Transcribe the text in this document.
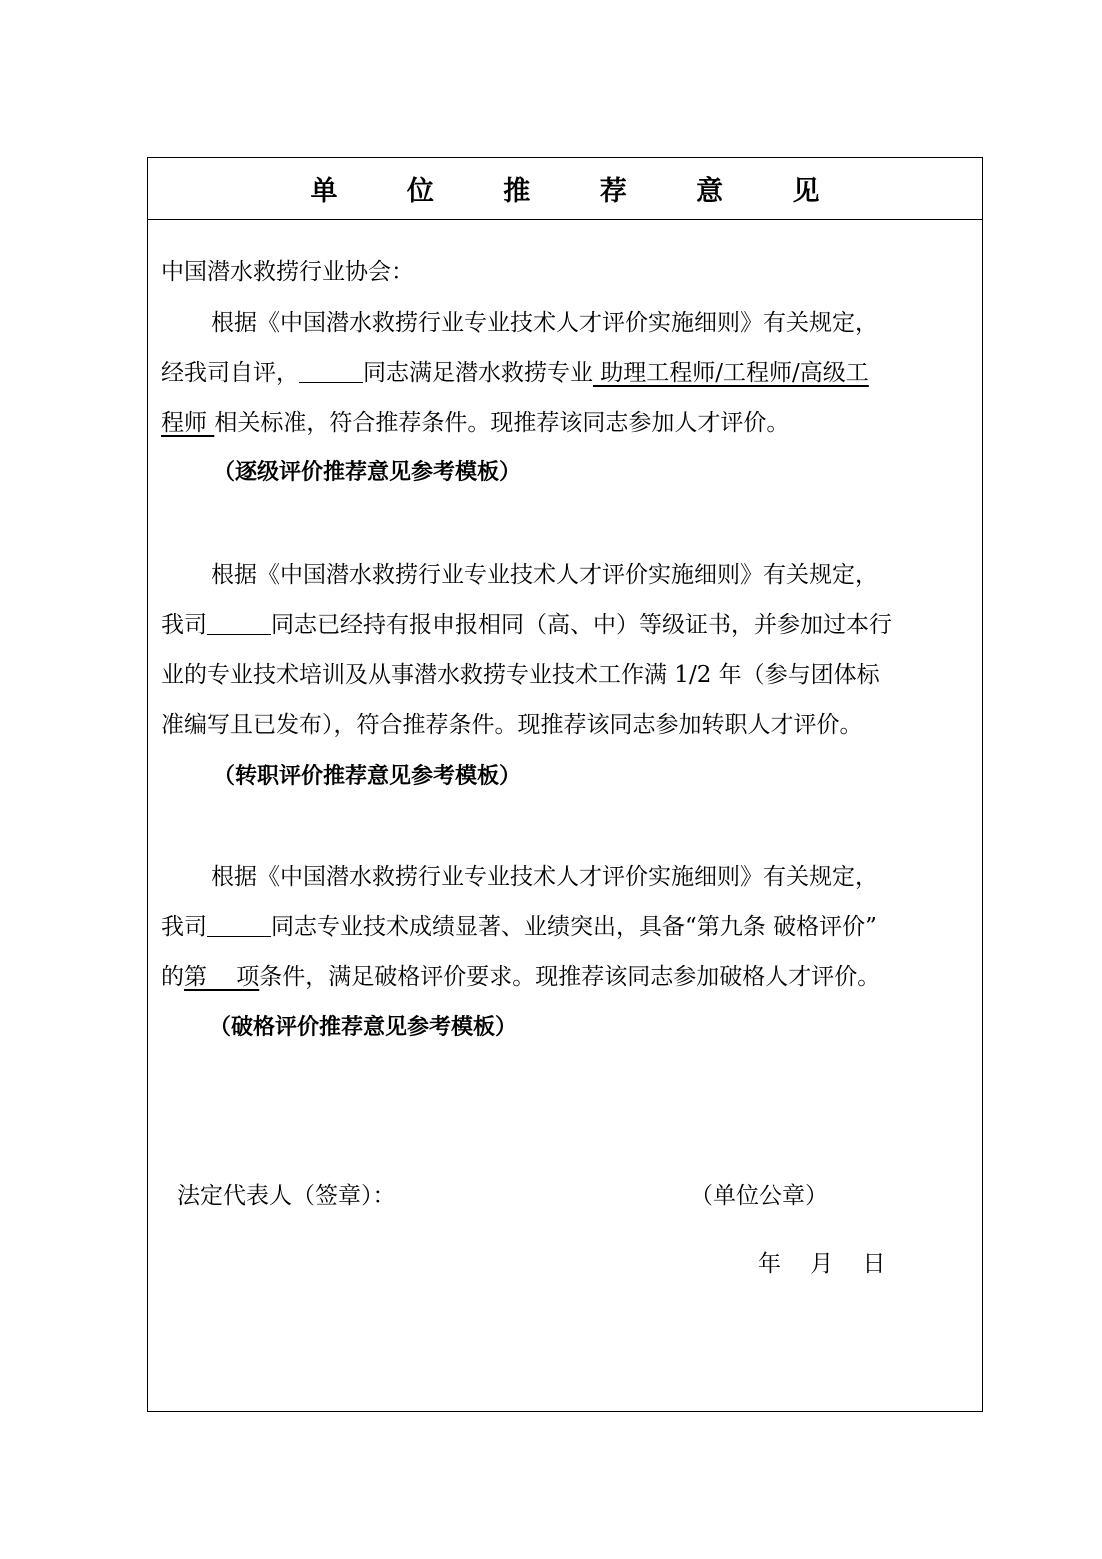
单 位 推 荐 意 见
中国潜水救捞行业协会：
根据《中国潜水救捞行业专业技术人才评价实施细则》有关规定，
经我司自评，	同志满足潜水救捞专业 助理工程师/工程师/高级工
程师 相关标准，符合推荐条件。现推荐该同志参加人才评价。
（逐级评价推荐意见参考模板）
根据《中国潜水救捞行业专业技术人才评价实施细则》有关规定，
我司	同志已经持有报申报相同（高、中）等级证书，并参加过本行
业的专业技术培训及从事潜水救捞专业技术工作满 1/2 年（参与团体标
准编写且已发布），符合推荐条件。现推荐该同志参加转职人才评价。
（转职评价推荐意见参考模板）
根据《中国潜水救捞行业专业技术人才评价实施细则》有关规定，
我司	同志专业技术成绩显著、业绩突出，具备“第九条 破格评价”
的第    项条件，满足破格评价要求。现推荐该同志参加破格人才评价。
（破格评价推荐意见参考模板）
法定代表人（签章）：	（单位公章）
年    月    日
